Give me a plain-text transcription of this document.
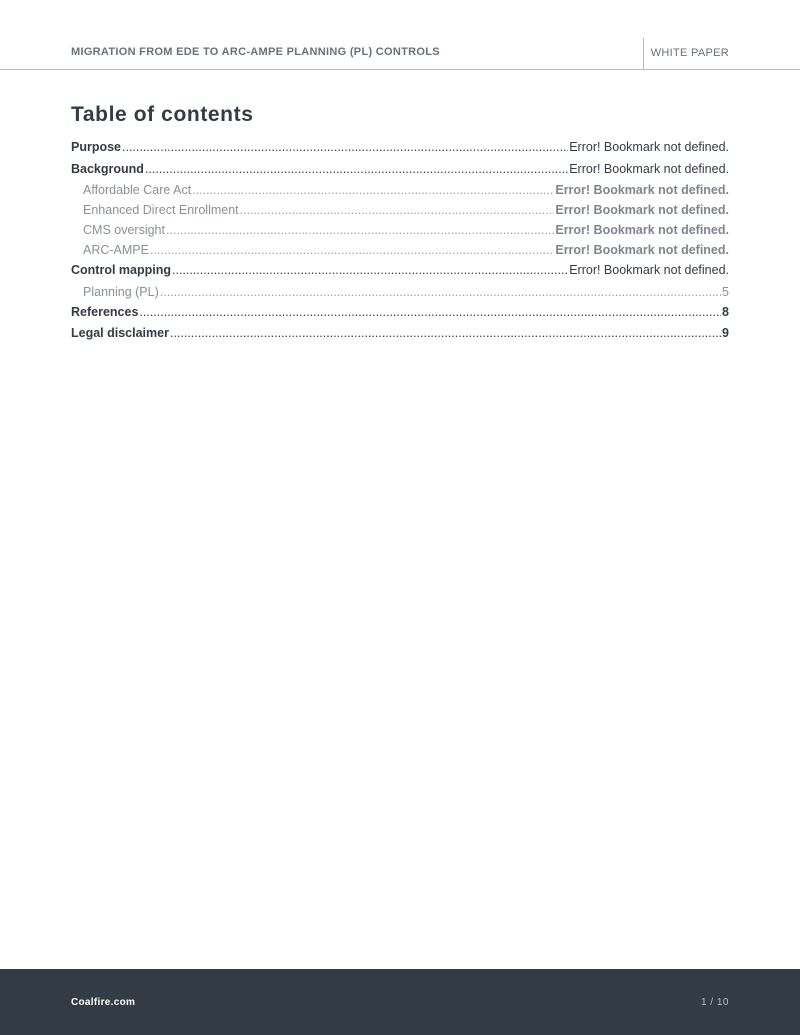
MIGRATION FROM EDE TO ARC-AMPE PLANNING (PL) CONTROLS	WHITE PAPER
Table of contents
Purpose .....	Error! Bookmark not defined.
Background .....	Error! Bookmark not defined.
Affordable Care Act .....	Error! Bookmark not defined.
Enhanced Direct Enrollment .....	Error! Bookmark not defined.
CMS oversight .....	Error! Bookmark not defined.
ARC-AMPE .....	Error! Bookmark not defined.
Control mapping .....	Error! Bookmark not defined.
Planning (PL) .....	5
References .....	8
Legal disclaimer .....	9
Coalfire.com	1 / 10
